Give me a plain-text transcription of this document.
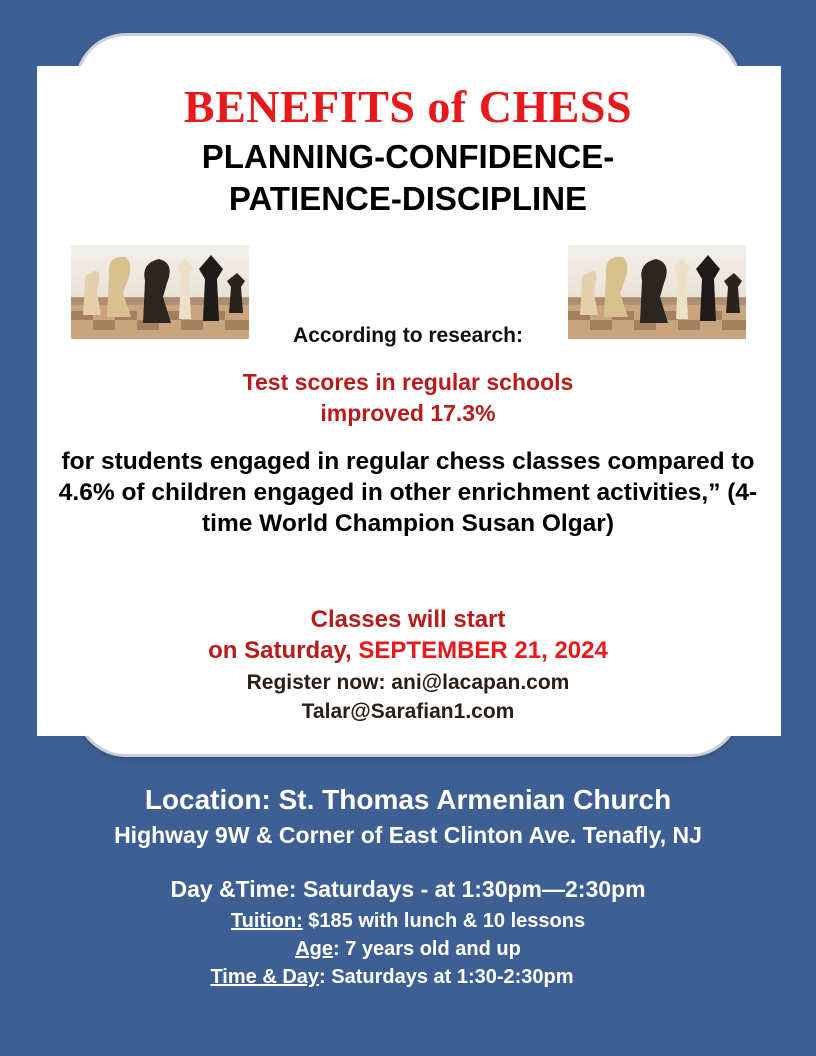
BENEFITS of CHESS
PLANNING-CONFIDENCE-
PATIENCE-DISCIPLINE
According to research:
Test scores in regular schools
improved 17.3%
for students engaged in regular chess classes compared to 4.6% of children engaged in other enrichment activities,” (4-time World Champion Susan Olgar)
Classes will start
on Saturday, SEPTEMBER 21, 2024
Register now: ani@lacapan.com
Talar@Sarafian1.com
Location: St. Thomas Armenian Church
Highway 9W & Corner of East Clinton Ave. Tenafly, NJ
Day &Time: Saturdays - at 1:30pm—2:30pm
Tuition: $185 with lunch & 10 lessons
Age: 7 years old and up
Time & Day: Saturdays at 1:30-2:30pm
